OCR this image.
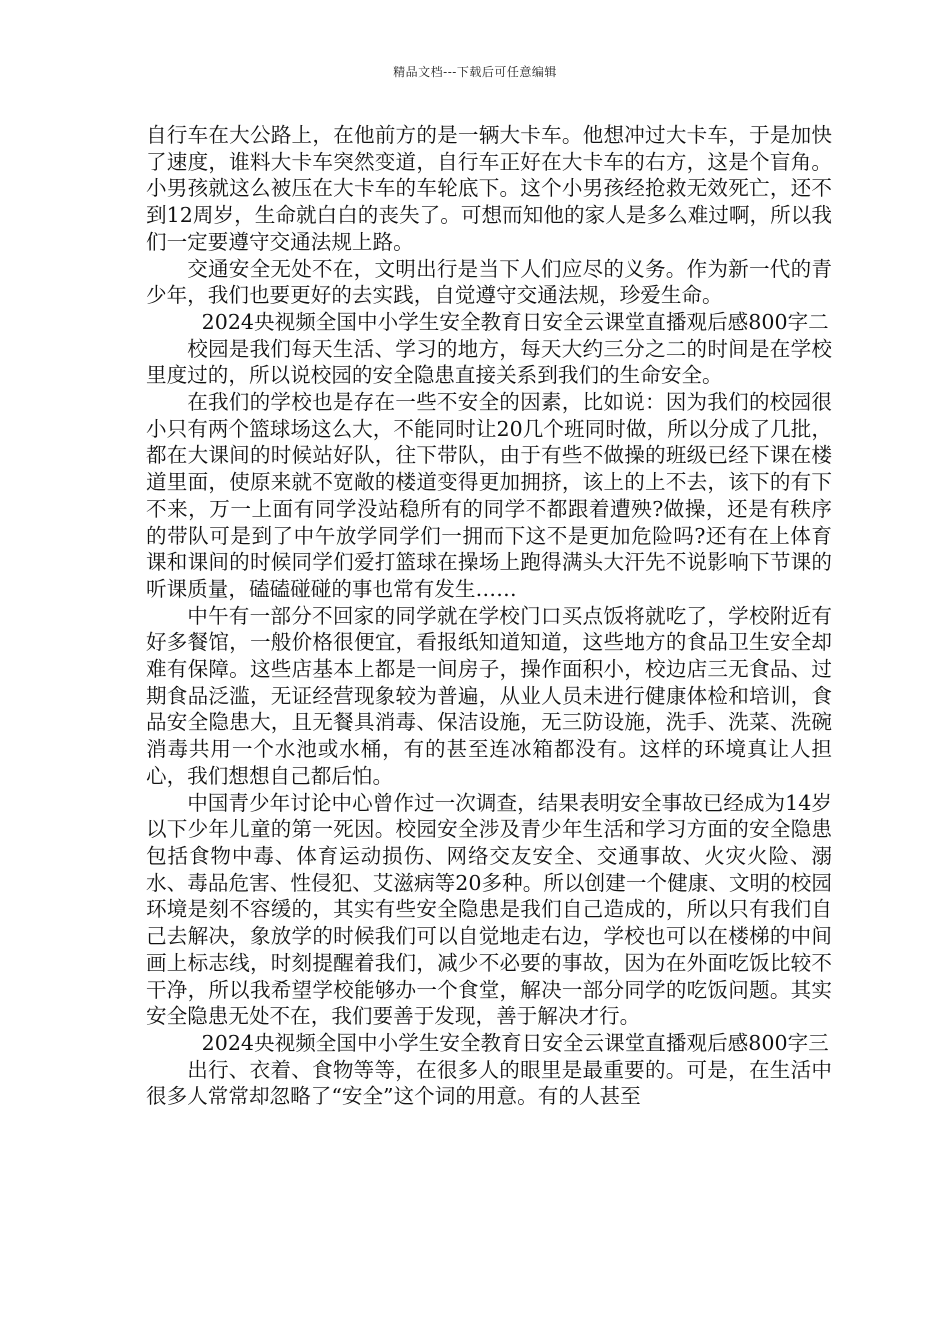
精品文档---下载后可任意编辑

自行车在大公路上，在他前方的是一辆大卡车。他想冲过大卡车，于是加快了速度，谁料大卡车突然变道，自行车正好在大卡车的右方，这是个盲角。小男孩就这么被压在大卡车的车轮底下。这个小男孩经抢救无效死亡，还不到12周岁，生命就白白的丧失了。可想而知他的家人是多么难过啊，所以我们一定要遵守交通法规上路。

交通安全无处不在，文明出行是当下人们应尽的义务。作为新一代的青少年，我们也要更好的去实践，自觉遵守交通法规，珍爱生命。

2024央视频全国中小学生安全教育日安全云课堂直播观后感800字二

校园是我们每天生活、学习的地方，每天大约三分之二的时间是在学校里度过的，所以说校园的安全隐患直接关系到我们的生命安全。

在我们的学校也是存在一些不安全的因素，比如说：因为我们的校园很小只有两个篮球场这么大，不能同时让20几个班同时做，所以分成了几批，都在大课间的时候站好队，往下带队，由于有些不做操的班级已经下课在楼道里面，使原来就不宽敞的楼道变得更加拥挤，该上的上不去，该下的有下不来，万一上面有同学没站稳所有的同学不都跟着遭殃?做操，还是有秩序的带队可是到了中午放学同学们一拥而下这不是更加危险吗?还有在上体育课和课间的时候同学们爱打篮球在操场上跑得满头大汗先不说影响下节课的听课质量，磕磕碰碰的事也常有发生……

中午有一部分不回家的同学就在学校门口买点饭将就吃了，学校附近有好多餐馆，一般价格很便宜，看报纸知道知道，这些地方的食品卫生安全却难有保障。这些店基本上都是一间房子，操作面积小，校边店三无食品、过期食品泛滥，无证经营现象较为普遍，从业人员未进行健康体检和培训，食品安全隐患大，且无餐具消毒、保洁设施，无三防设施，洗手、洗菜、洗碗消毒共用一个水池或水桶，有的甚至连冰箱都没有。这样的环境真让人担心，我们想想自己都后怕。

中国青少年讨论中心曾作过一次调查，结果表明安全事故已经成为14岁以下少年儿童的第一死因。校园安全涉及青少年生活和学习方面的安全隐患包括食物中毒、体育运动损伤、网络交友安全、交通事故、火灾火险、溺水、毒品危害、性侵犯、艾滋病等20多种。所以创建一个健康、文明的校园环境是刻不容缓的，其实有些安全隐患是我们自己造成的，所以只有我们自己去解决，象放学的时候我们可以自觉地走右边，学校也可以在楼梯的中间画上标志线，时刻提醒着我们，减少不必要的事故，因为在外面吃饭比较不干净，所以我希望学校能够办一个食堂，解决一部分同学的吃饭问题。其实安全隐患无处不在，我们要善于发现，善于解决才行。

2024央视频全国中小学生安全教育日安全云课堂直播观后感800字三

出行、衣着、食物等等，在很多人的眼里是最重要的。可是，在生活中很多人常常却忽略了“安全”这个词的用意。有的人甚至
